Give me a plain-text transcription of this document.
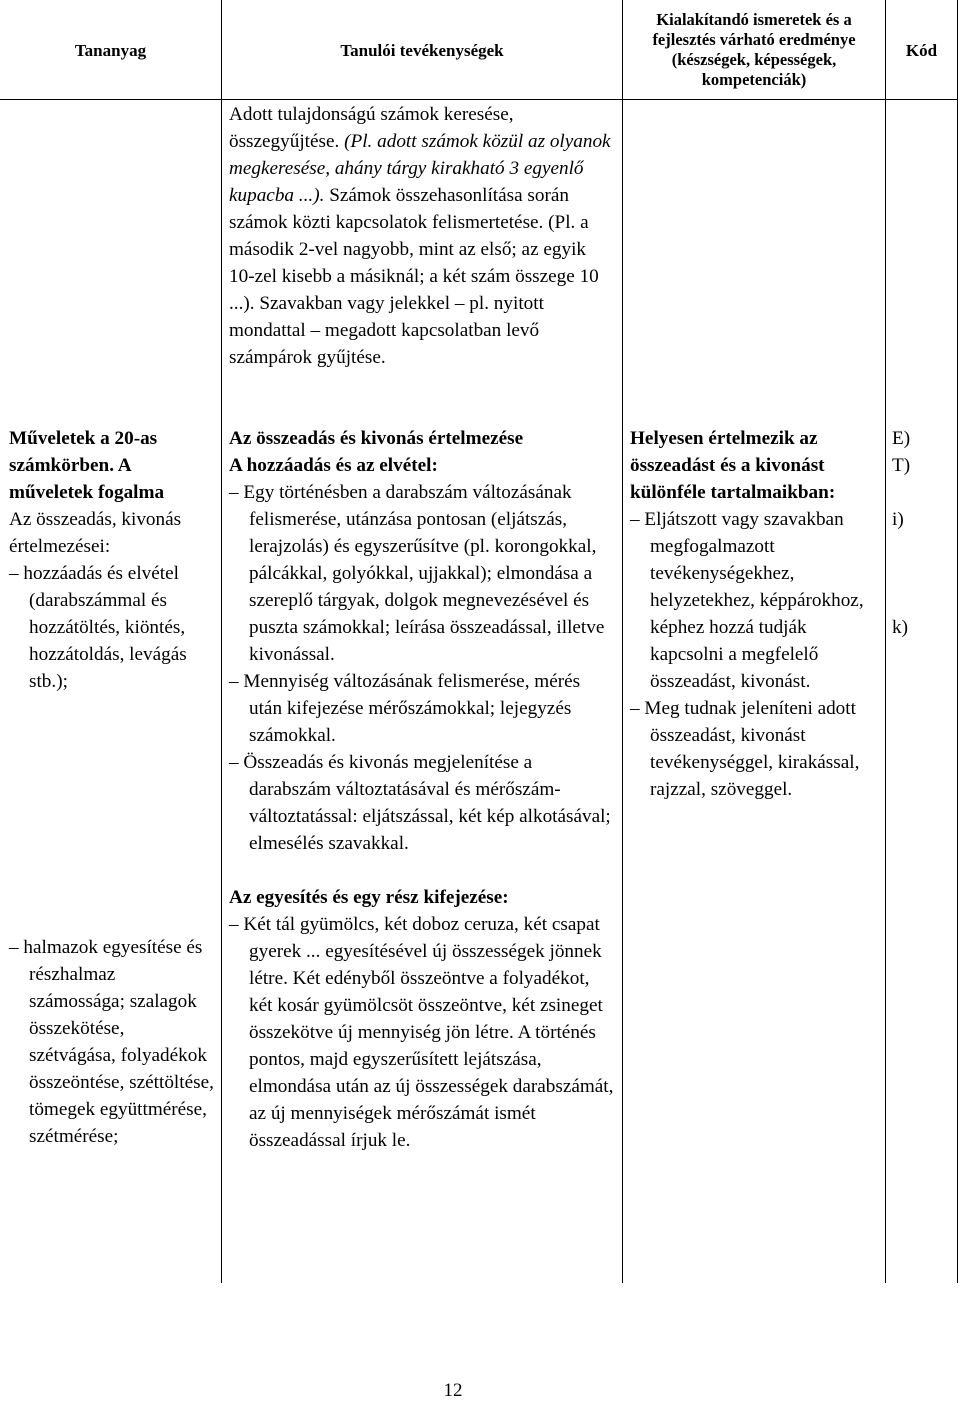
Tananyag	Tanulói tevékenységek
Kialakítandó ismeretek és a fejlesztés várható eredménye (készségek, képességek, kompetenciák)
Kód

Adott tulajdonságú számok keresése, összegyűjtése. (Pl. adott számok közül az olyanok megkeresése, ahány tárgy kirakható 3 egyenlő kupacba ...). Számok összehasonlítása során számok közti kapcsolatok felismertetése. (Pl. a második 2-vel nagyobb, mint az első; az egyik 10-zel kisebb a másiknál; a két szám összege 10 ...). Szavakban vagy jelekkel – pl. nyitott mondattal – megadott kapcsolatban levő számpárok gyűjtése.

Műveletek a 20-as számkörben. A műveletek fogalma

Az összeadás, kivonás értelmezései:

– hozzáadás és elvétel (darabszámmal és hozzátöltés, kiöntés, hozzátoldás, levágás stb.);

– halmazok egyesítése és részhalmaz számossága; szalagok összekötése, szétvágása, folyadékok összeöntése, széttöltése, tömegek együttmérése, szétmérése;

Az összeadás és kivonás értelmezése

A hozzáadás és az elvétel:

– Egy történésben a darabszám változásának felismerése, utánzása pontosan (eljátszás, lerajzolás) és egyszerűsítve (pl. korongokkal, pálcákkal, golyókkal, ujjakkal); elmondása a szereplő tárgyak, dolgok megnevezésével és puszta számokkal; leírása összeadással, illetve kivonással.

– Mennyiség változásának felismerése, mérés után kifejezése mérőszámokkal; lejegyzés számokkal.

– Összeadás és kivonás megjelenítése a darabszám változtatásával és mérőszám-változtatással: eljátszással, két kép alkotásával; elmesélés szavakkal.

Az egyesítés és egy rész kifejezése:

– Két tál gyümölcs, két doboz ceruza, két csapat gyerek ... egyesítésével új összességek jönnek létre. Két edényből összeöntve a folyadékot, két kosár gyümölcsöt összeöntve, két zsineget összekötve új mennyiség jön létre. A történés pontos, majd egyszerűsített lejátszása, elmondása után az új összességek darabszámát, az új mennyiségek mérőszámát ismét összeadással írjuk le.

Helyesen értelmezik az összeadást és a kivonást különféle tartalmaikban:

– Eljátszott vagy szavakban megfogalmazott tevékenységekhez, helyzetekhez, képpárokhoz, képhez hozzá tudják kapcsolni a megfelelő összeadást, kivonást.

– Meg tudnak jeleníteni adott összeadást, kivonást tevékenységgel, kirakással, rajzzal, szöveggel.

E)

T)

i)

k)

12
